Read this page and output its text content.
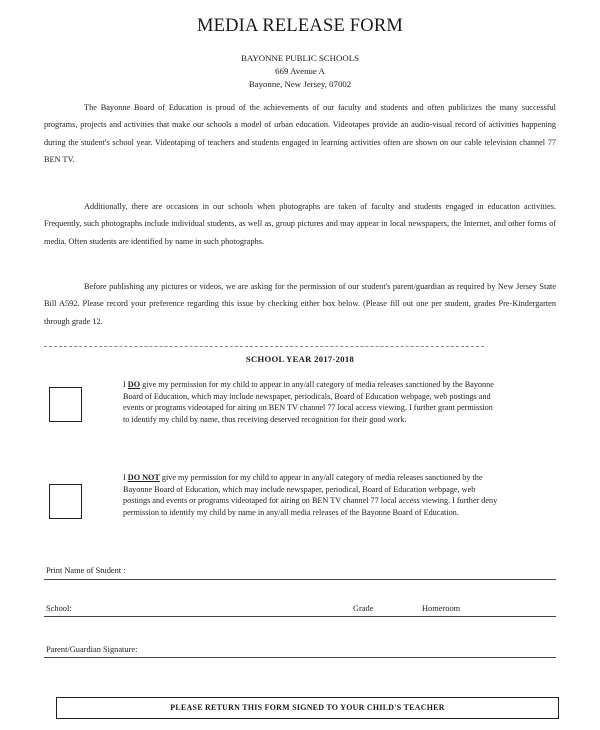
MEDIA RELEASE FORM
BAYONNE PUBLIC SCHOOLS
669 Avenue A
Bayonne, New Jersey, 07002

The Bayonne Board of Education is proud of the achievements of our faculty and students and often publicizes the many successful programs, projects and activities that make our schools a model of urban education. Videotapes provide an audio-visual record of activities happening during the student's school year. Videotaping of teachers and students engaged in learning activities often are shown on our cable television channel 77 BEN TV.

Additionally, there are occasions in our schools when photographs are taken of faculty and students engaged in education activities. Frequently, such photographs include individual students, as well as, group pictures and may appear in local newspapers, the Internet, and other forms of media. Often students are identified by name in such photographs.

Before publishing any pictures or videos, we are asking for the permission of our student's parent/guardian as required by New Jersey State Bill A592. Please record your preference regarding this issue by checking either box below. (Please fill out one per student, grades Pre-Kindergarten through grade 12.

SCHOOL YEAR 2017-2018

I DO give my permission for my child to appear in any/all category of media releases sanctioned by the Bayonne Board of Education, which may include newspaper, periodicals, Board of Education webpage, web postings and events or programs videotaped for airing on BEN TV channel 77 local access viewing. I further grant permission to identify my child by name, thus receiving deserved recognition for their good work.

I DO NOT give my permission for my child to appear in any/all category of media releases sanctioned by the Bayonne Board of Education, which may include newspaper, periodical, Board of Education webpage, web postings and events or programs videotaped for airing on BEN TV channel 77 local access viewing. I further deny permission to identify my child by name in any/all media releases of the Bayonne Board of Education.

Print Name of Student :
School:	Grade	Homeroom
Parent/Guardian Signature:
PLEASE RETURN THIS FORM SIGNED TO YOUR CHILD'S TEACHER
